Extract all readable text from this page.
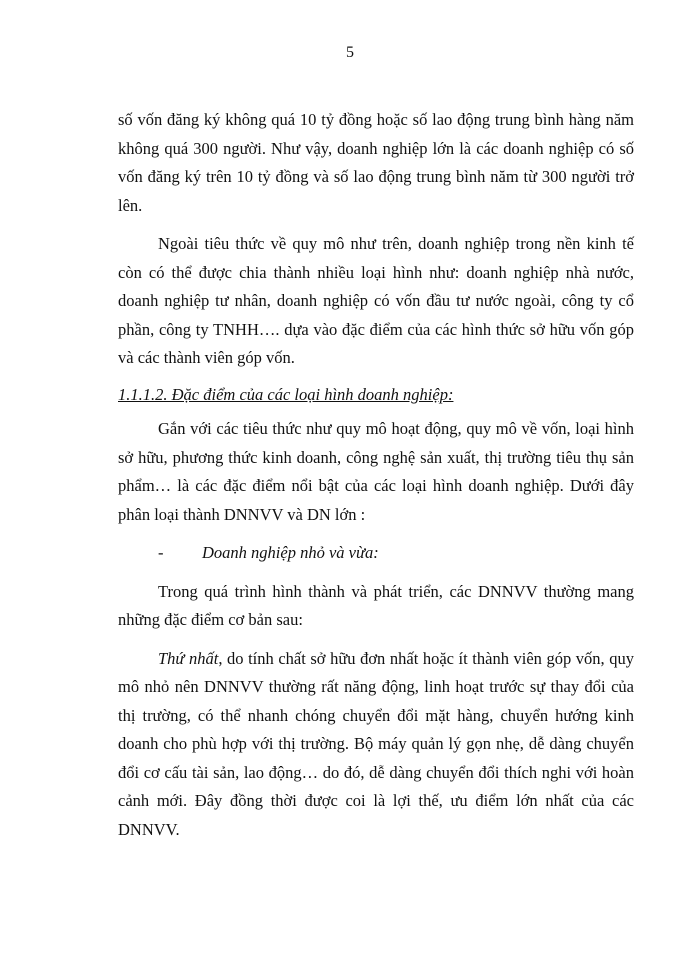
5

số vốn đăng ký không quá 10 tỷ đồng hoặc số lao động trung bình hàng năm không quá 300 người. Như vậy, doanh nghiệp lớn là các doanh nghiệp có số vốn đăng ký trên 10 tỷ đồng và số lao động trung bình năm từ 300 người trở lên.

Ngoài tiêu thức về quy mô như trên, doanh nghiệp trong nền kinh tế còn có thể được chia thành nhiều loại hình như: doanh nghiệp nhà nước, doanh nghiệp tư nhân, doanh nghiệp có vốn đầu tư nước ngoài, công ty cổ phần, công ty TNHH…. dựa vào đặc điểm của các hình thức sở hữu vốn góp và các thành viên góp vốn.

1.1.1.2. Đặc điểm của các loại hình doanh nghiệp:

Gắn với các tiêu thức như quy mô hoạt động, quy mô về vốn, loại hình sở hữu, phương thức kinh doanh, công nghệ sản xuất, thị trường tiêu thụ sản phẩm… là các đặc điểm nổi bật của các loại hình doanh nghiệp. Dưới đây phân loại thành DNNVV và DN lớn :

-	Doanh nghiệp nhỏ và vừa:

Trong quá trình hình thành và phát triển, các DNNVV thường mang những đặc điểm cơ bản sau:

Thứ nhất, do tính chất sở hữu đơn nhất hoặc ít thành viên góp vốn, quy mô nhỏ nên DNNVV thường rất năng động, linh hoạt trước sự thay đổi của thị trường, có thể nhanh chóng chuyển đổi mặt hàng, chuyển hướng kinh doanh cho phù hợp với thị trường. Bộ máy quản lý gọn nhẹ, dễ dàng chuyển đổi cơ cấu tài sản, lao động… do đó, dễ dàng chuyển đổi thích nghi với hoàn cảnh mới. Đây đồng thời được coi là lợi thế, ưu điểm lớn nhất của các DNNVV.
